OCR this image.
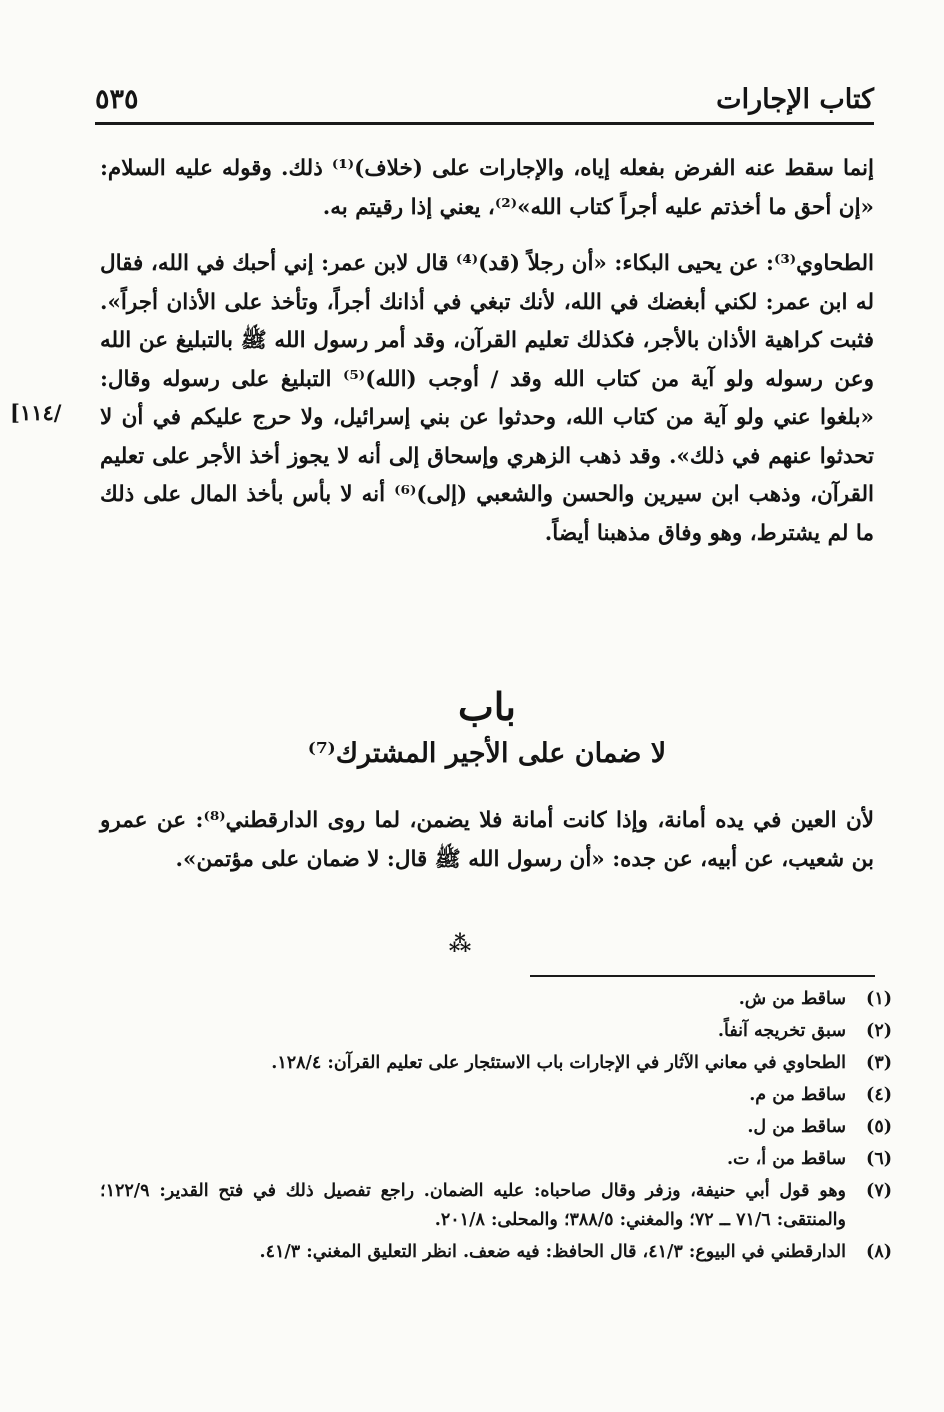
كتاب الإجارات
٥٣٥

إنما سقط عنه الفرض بفعله إياه، والإجارات على (خلاف)⁽¹⁾ ذلك. وقوله عليه السلام: «إن أحق ما أخذتم عليه أجراً كتاب الله»⁽²⁾، يعني إذا رقيتم به.

الطحاوي⁽³⁾: عن يحيى البكاء: «أن رجلاً (قد)⁽⁴⁾ قال لابن عمر: إني أحبك في الله، فقال له ابن عمر: لكني أبغضك في الله، لأنك تبغي في أذانك أجراً، وتأخذ على الأذان أجراً». فثبت كراهية الأذان بالأجر، فكذلك تعليم القرآن، وقد أمر رسول الله ﷺ بالتبليغ عن الله وعن رسوله ولو آية من كتاب الله وقد / أوجب (الله)⁽⁵⁾ التبليغ على رسوله وقال: «بلغوا عني ولو آية من كتاب الله، وحدثوا عن بني إسرائيل، ولا حرج عليكم في أن لا تحدثوا عنهم في ذلك». وقد ذهب الزهري وإسحاق إلى أنه لا يجوز أخذ الأجر على تعليم القرآن، وذهب ابن سيرين والحسن والشعبي (إلى)⁽⁶⁾ أنه لا بأس بأخذ المال على ذلك ما لم يشترط، وهو وفاق مذهبنا أيضاً.

[١١٤/
باب
لا ضمان على الأجير المشترك⁽⁷⁾

لأن العين في يده أمانة، وإذا كانت أمانة فلا يضمن، لما روى الدارقطني⁽⁸⁾: عن عمرو بن شعيب، عن أبيه، عن جده: «أن رسول الله ﷺ قال: لا ضمان على مؤتمن».

⁂
(١)
ساقط من ش.
(٢)
سبق تخريجه آنفاً.
(٣)
الطحاوي في معاني الآثار في الإجارات باب الاستئجار على تعليم القرآن: ١٢٨/٤.
(٤)
ساقط من م.
(٥)
ساقط من ل.
(٦)
ساقط من أ، ت.
(٧)
وهو قول أبي حنيفة، وزفر وقال صاحباه: عليه الضمان. راجع تفصيل ذلك في فتح القدير: ١٢٢/٩؛ والمنتقى: ٧١/٦ ــ ٧٢؛ والمغني: ٣٨٨/٥؛ والمحلى: ٢٠١/٨.
(٨)
الدارقطني في البيوع: ٤١/٣، قال الحافظ: فيه ضعف. انظر التعليق المغني: ٤١/٣.
